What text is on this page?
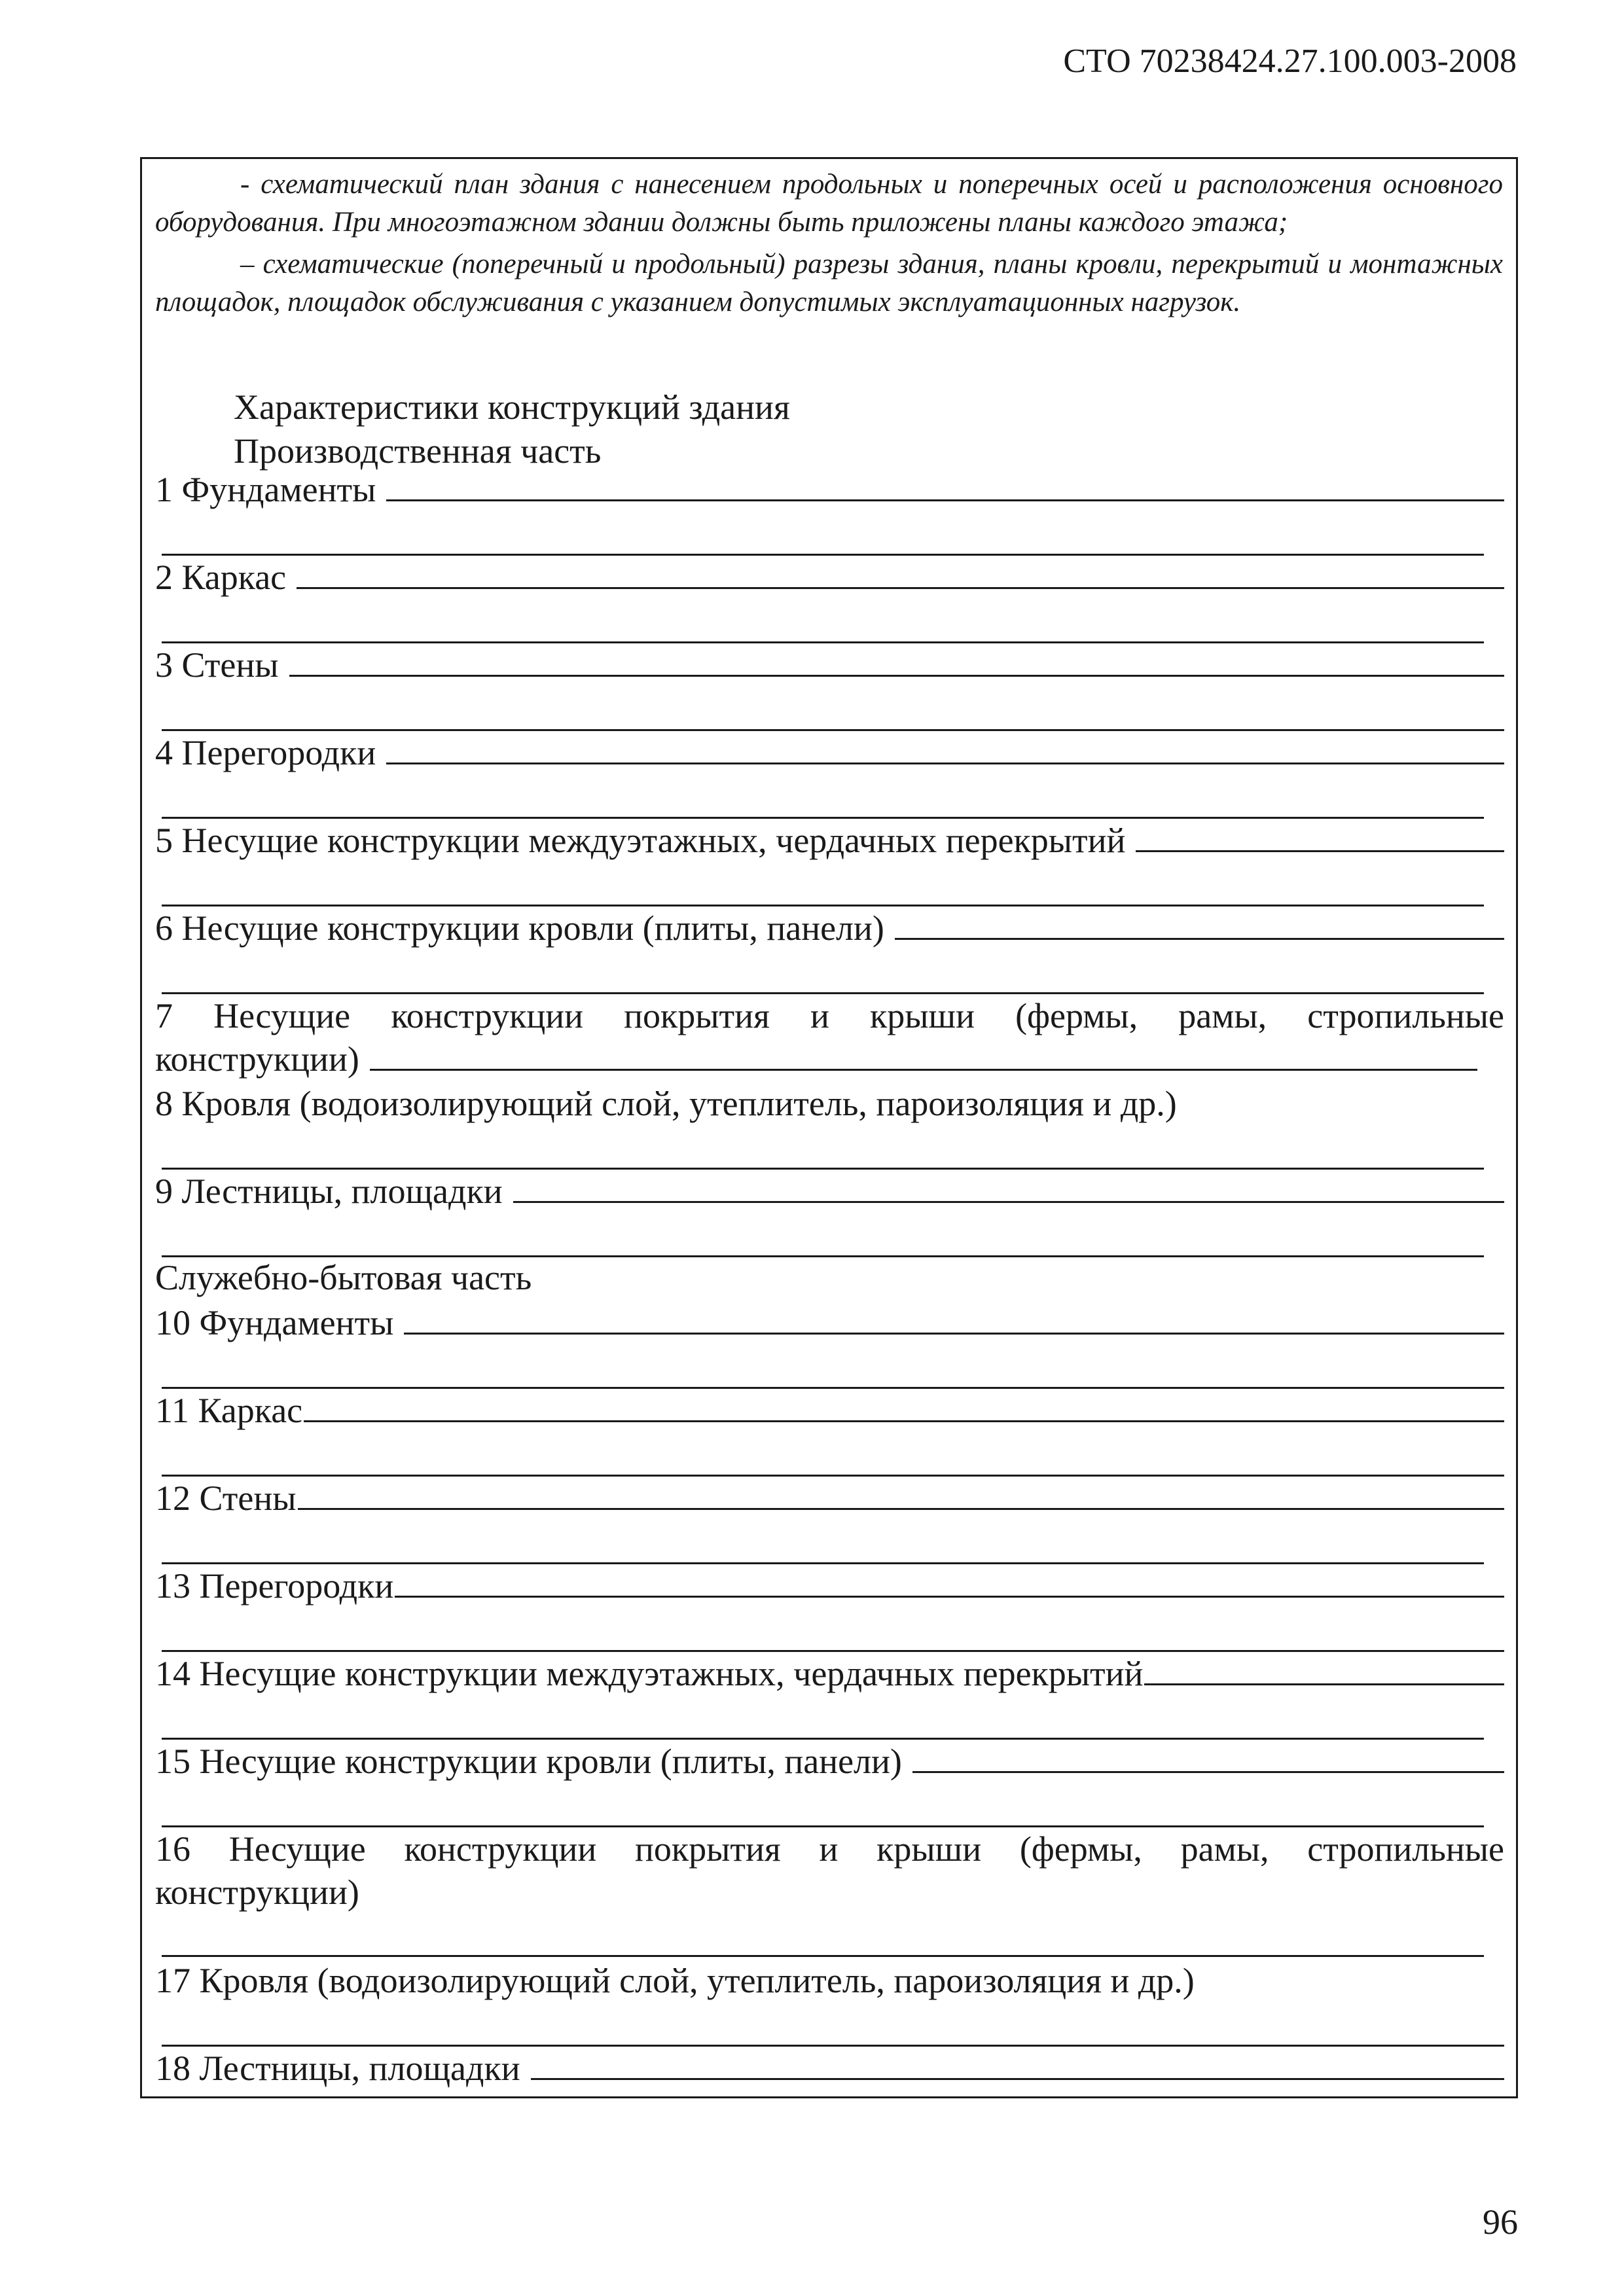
СТО 70238424.27.100.003-2008

- схематический план здания с нанесением продольных и поперечных осей и расположения основного оборудования. При многоэтажном здании должны быть приложены планы каждого этажа;

– схематические (поперечный и продольный) разрезы здания, планы кровли, перекрытий и монтажных площадок, площадок обслуживания с указанием допустимых эксплуатационных нагрузок.

Характеристики конструкций здания
Производственная часть
1 Фундаменты
2 Каркас
3 Стены
4 Перегородки
5 Несущие конструкции междуэтажных, чердачных перекрытий
6 Несущие конструкции кровли (плиты, панели)
7 Несущие конструкции покрытия и крыши (фермы, рамы, стропильные
конструкции)
8 Кровля (водоизолирующий слой, утеплитель, пароизоляция и др.)
9 Лестницы, площадки
Служебно-бытовая часть
10 Фундаменты
11 Каркас
12 Стены
13 Перегородки
14 Несущие конструкции междуэтажных, чердачных перекрытий
15 Несущие конструкции кровли (плиты, панели)
16 Несущие конструкции покрытия и крыши (фермы, рамы, стропильные
конструкции)
17 Кровля (водоизолирующий слой, утеплитель, пароизоляция и др.)
18 Лестницы, площадки
96
